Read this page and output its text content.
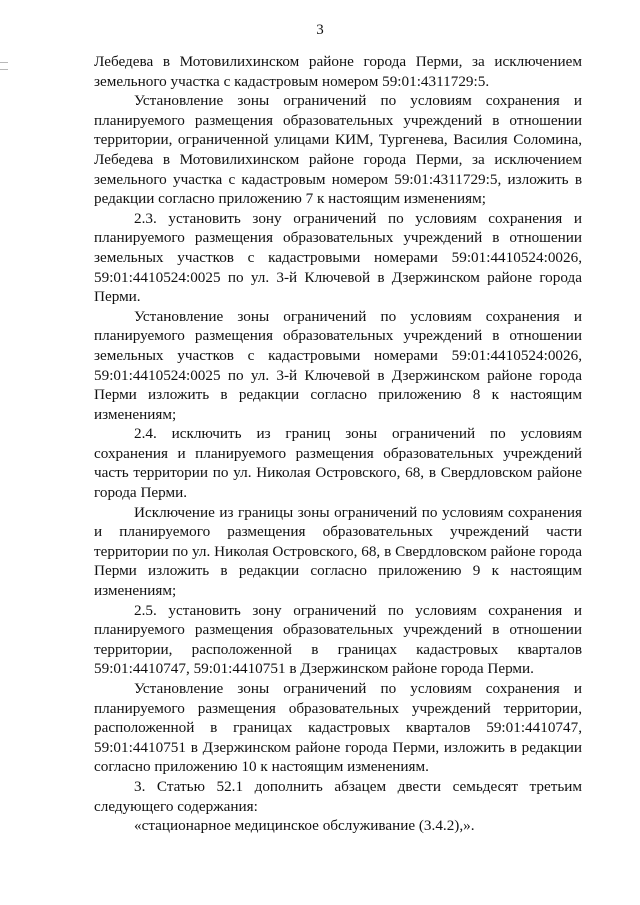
3

Лебедева в Мотовилихинском районе города Перми, за исключением земельного участка с кадастровым номером 59:01:4311729:5.

Установление зоны ограничений по условиям сохранения и планируемого размещения образовательных учреждений в отношении территории, ограниченной улицами КИМ, Тургенева, Василия Соломина, Лебедева в Мотовилихинском районе города Перми, за исключением земельного участка с кадастровым номером 59:01:4311729:5, изложить в редакции согласно приложению 7 к настоящим изменениям;

2.3. установить зону ограничений по условиям сохранения и планируемого размещения образовательных учреждений в отношении земельных участков с кадастровыми номерами 59:01:4410524:0026, 59:01:4410524:0025 по ул. 3-й Ключевой в Дзержинском районе города Перми.

Установление зоны ограничений по условиям сохранения и планируемого размещения образовательных учреждений в отношении земельных участков с кадастровыми номерами 59:01:4410524:0026, 59:01:4410524:0025 по ул. 3-й Ключевой в Дзержинском районе города Перми изложить в редакции согласно приложению 8 к настоящим изменениям;

2.4. исключить из границ зоны ограничений по условиям сохранения и планируемого размещения образовательных учреждений часть территории по ул. Николая Островского, 68, в Свердловском районе города Перми.

Исключение из границы зоны ограничений по условиям сохранения и планируемого размещения образовательных учреждений части территории по ул. Николая Островского, 68, в Свердловском районе города Перми изложить в редакции согласно приложению 9 к настоящим изменениям;

2.5. установить зону ограничений по условиям сохранения и планируемого размещения образовательных учреждений в отношении территории, расположенной в границах кадастровых кварталов 59:01:4410747, 59:01:4410751 в Дзержинском районе города Перми.

Установление зоны ограничений по условиям сохранения и планируемого размещения образовательных учреждений территории, расположенной в границах кадастровых кварталов 59:01:4410747, 59:01:4410751 в Дзержинском районе города Перми, изложить в редакции согласно приложению 10 к настоящим изменениям.

3. Статью 52.1 дополнить абзацем двести семьдесят третьим следующего содержания:

«стационарное медицинское обслуживание (3.4.2),».
